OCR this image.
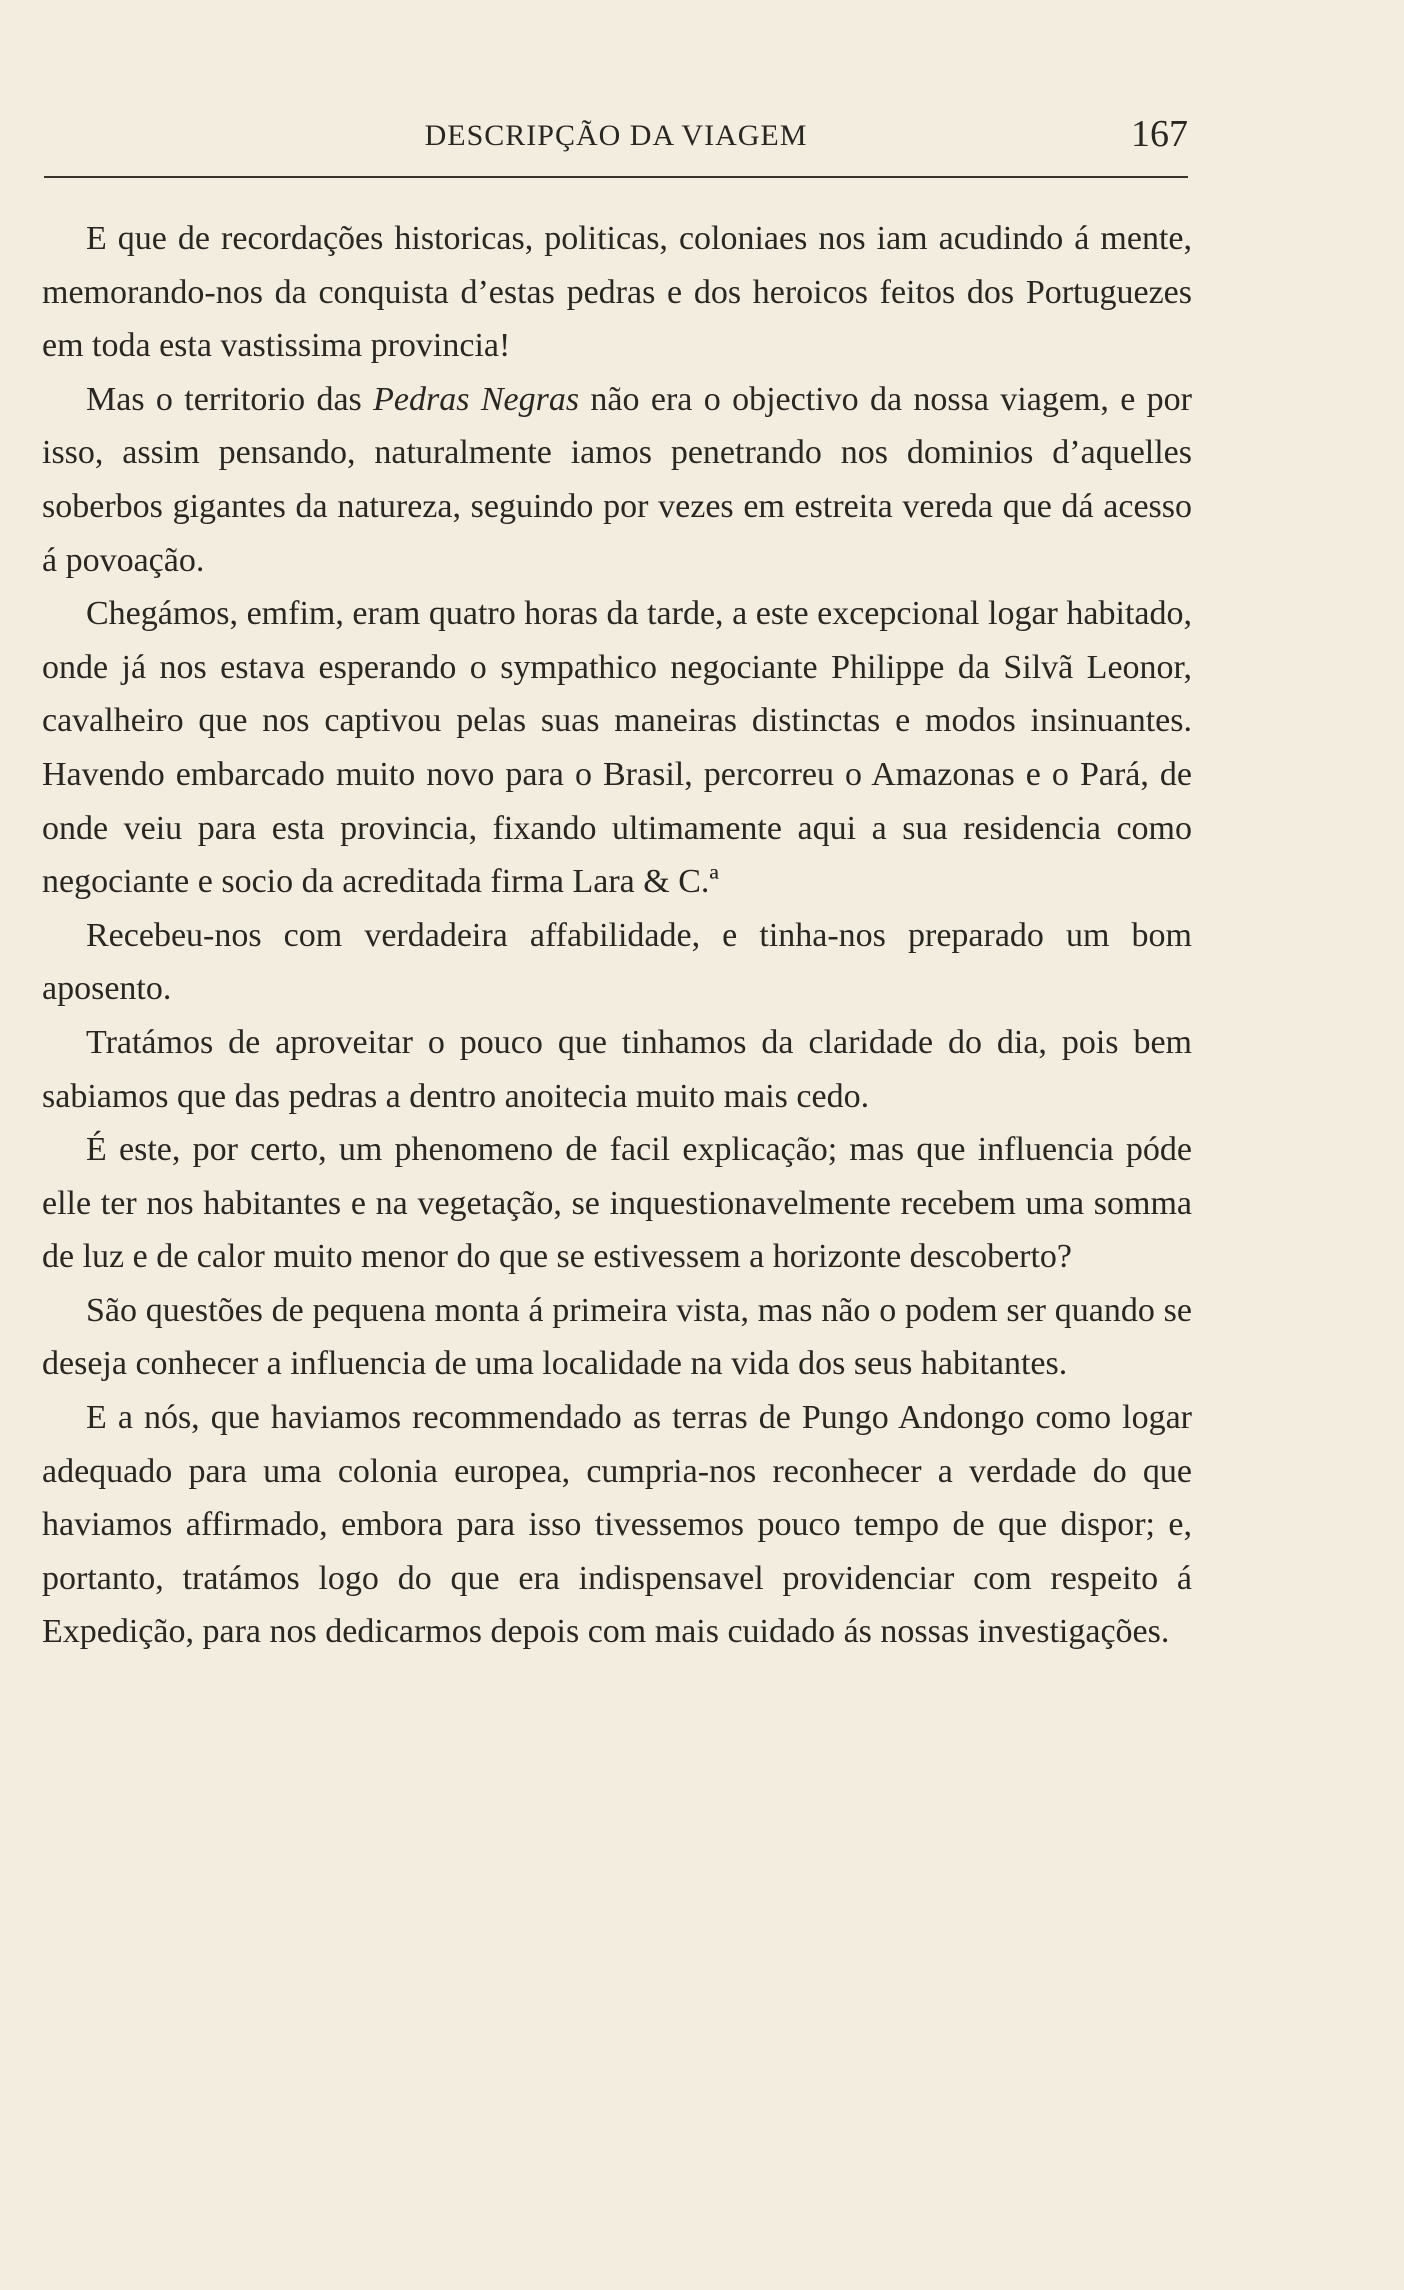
DESCRIPÇÃO DA VIAGEM	167

E que de recordações historicas, politicas, coloniaes nos iam acudindo á mente, memorando-nos da conquista d’estas pedras e dos heroicos feitos dos Portuguezes em toda esta vastissima provincia!

Mas o territorio das Pedras Negras não era o objectivo da nossa viagem, e por isso, assim pensando, naturalmente iamos penetrando nos dominios d’aquelles soberbos gigantes da natureza, seguindo por vezes em estreita vereda que dá acesso á povoação.

Chegámos, emfim, eram quatro horas da tarde, a este excepcional logar habitado, onde já nos estava esperando o sympathico negociante Philippe da Silvã Leonor, cavalheiro que nos captivou pelas suas maneiras distinctas e modos insinuantes. Havendo embarcado muito novo para o Brasil, percorreu o Amazonas e o Pará, de onde veiu para esta provincia, fixando ultimamente aqui a sua residencia como negociante e socio da acreditada firma Lara & C.ª

Recebeu-nos com verdadeira affabilidade, e tinha-nos preparado um bom aposento.

Tratámos de aproveitar o pouco que tinhamos da claridade do dia, pois bem sabiamos que das pedras a dentro anoitecia muito mais cedo.

É este, por certo, um phenomeno de facil explicação; mas que influencia póde elle ter nos habitantes e na vegetação, se inquestionavelmente recebem uma somma de luz e de calor muito menor do que se estivessem a horizonte descoberto?

São questões de pequena monta á primeira vista, mas não o podem ser quando se deseja conhecer a influencia de uma localidade na vida dos seus habitantes.

E a nós, que haviamos recommendado as terras de Pungo Andongo como logar adequado para uma colonia europea, cumpria-nos reconhecer a verdade do que haviamos affirmado, embora para isso tivessemos pouco tempo de que dispor; e, portanto, tratámos logo do que era indispensavel providenciar com respeito á Expedição, para nos dedicarmos depois com mais cuidado ás nossas investigações.
